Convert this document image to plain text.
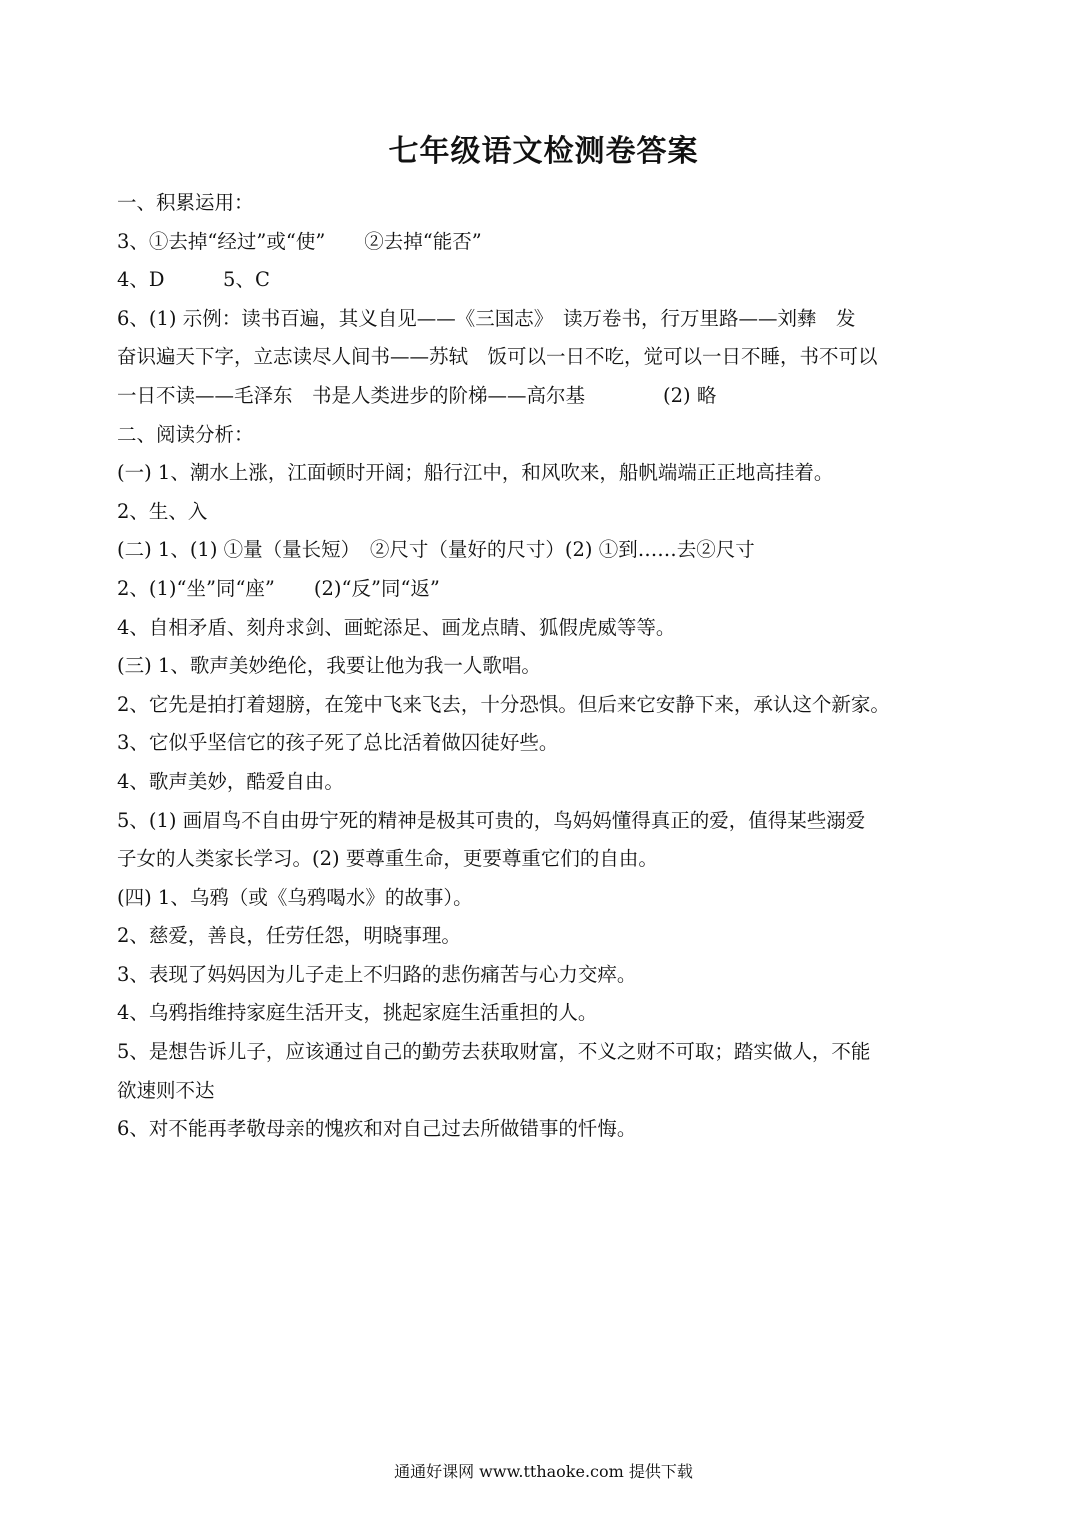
七年级语文检测卷答案
一、积累运用：
3、①去掉“经过”或“使”　　②去掉“能否”
4、D　　　5、C
6、(1) 示例：读书百遍，其义自见——《三国志》　读万卷书，行万里路——刘彝　发
奋识遍天下字，立志读尽人间书——苏轼　饭可以一日不吃，觉可以一日不睡，书不可以
一日不读——毛泽东　书是人类进步的阶梯——高尔基　　　　(2) 略
二、阅读分析：
(一) 1、潮水上涨，江面顿时开阔；船行江中，和风吹来，船帆端端正正地高挂着。
2、生、入
(二) 1、(1) ①量（量长短）　②尺寸（量好的尺寸）(2) ①到……去②尺寸
2、(1)“坐”同“座”　　(2)“反”同“返”
4、自相矛盾、刻舟求剑、画蛇添足、画龙点睛、狐假虎威等等。
(三) 1、歌声美妙绝伦，我要让他为我一人歌唱。
2、它先是拍打着翅膀，在笼中飞来飞去，十分恐惧。但后来它安静下来，承认这个新家。
3、它似乎坚信它的孩子死了总比活着做囚徒好些。
4、歌声美妙，酷爱自由。
5、(1) 画眉鸟不自由毋宁死的精神是极其可贵的，鸟妈妈懂得真正的爱，值得某些溺爱
子女的人类家长学习。(2) 要尊重生命，更要尊重它们的自由。
(四) 1、乌鸦（或《乌鸦喝水》的故事）。
2、慈爱，善良，任劳任怨，明晓事理。
3、表现了妈妈因为儿子走上不归路的悲伤痛苦与心力交瘁。
4、乌鸦指维持家庭生活开支，挑起家庭生活重担的人。
5、是想告诉儿子，应该通过自己的勤劳去获取财富，不义之财不可取；踏实做人，不能
欲速则不达
6、对不能再孝敬母亲的愧疚和对自己过去所做错事的忏悔。
通通好课网 www.tthaoke.com 提供下载
